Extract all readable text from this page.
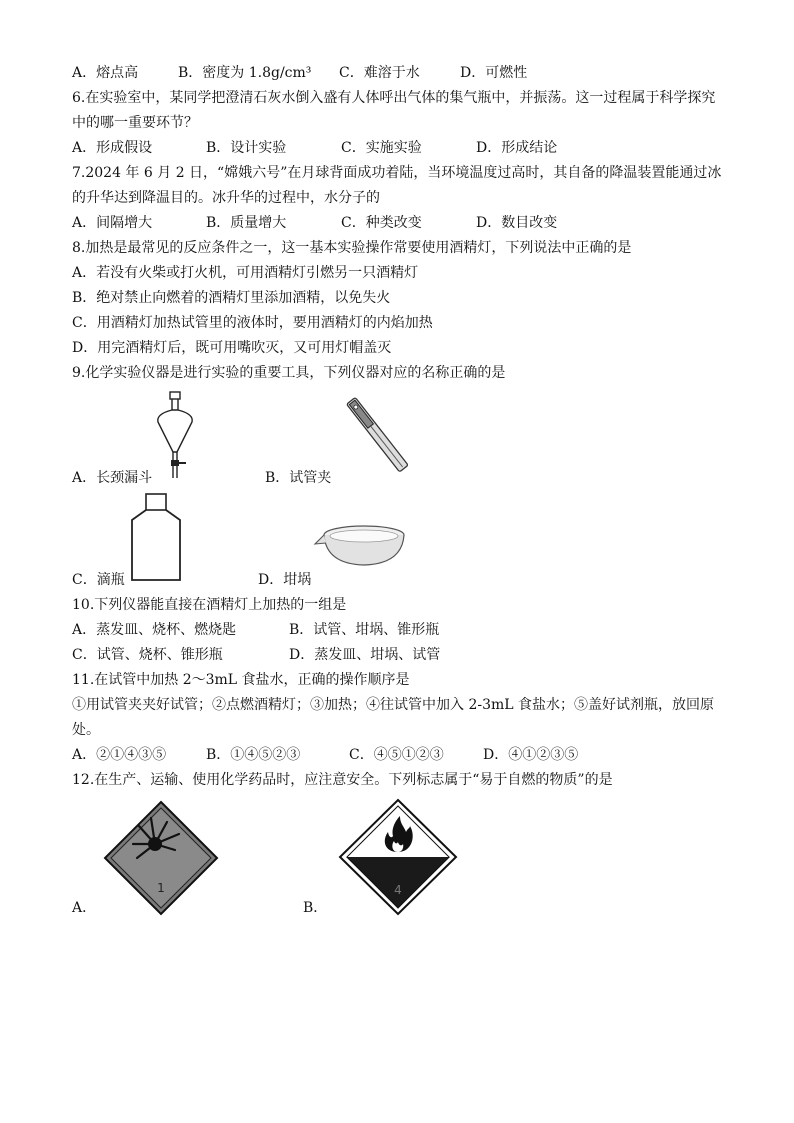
A．熔点高	B．密度为 1.8g/cm³ C．难溶于水	D．可燃性
6.在实验室中，某同学把澄清石灰水倒入盛有人体呼出气体的集气瓶中，并振荡。这一过程属于科学探究
中的哪一重要环节？
A．形成假设	B．设计实验	C．实施实验	D．形成结论
7.2024 年 6 月 2 日，“嫦娥六号”在月球背面成功着陆，当环境温度过高时，其自备的降温装置能通过冰
的升华达到降温目的。冰升华的过程中，水分子的
A．间隔增大	B．质量增大	C．种类改变	D．数目改变
8.加热是最常见的反应条件之一，这一基本实验操作常要使用酒精灯，下列说法中正确的是
A．若没有火柴或打火机，可用酒精灯引燃另一只酒精灯
B．绝对禁止向燃着的酒精灯里添加酒精，以免失火
C．用酒精灯加热试管里的液体时，要用酒精灯的内焰加热
D．用完酒精灯后，既可用嘴吹灭，又可用灯帽盖灭
9.化学实验仪器是进行实验的重要工具，下列仪器对应的名称正确的是
A．长颈漏斗	B．试管夹
C．滴瓶	D．坩埚
10.下列仪器能直接在酒精灯上加热的一组是
A．蒸发皿、烧杯、燃烧匙	B．试管、坩埚、锥形瓶
C．试管、烧杯、锥形瓶	D．蒸发皿、坩埚、试管
11.在试管中加热 2～3mL 食盐水，正确的操作顺序是
①用试管夹夹好试管；②点燃酒精灯；③加热；④往试管中加入 2-3mL 食盐水；⑤盖好试剂瓶，放回原
处。
A．②①④③⑤	B．①④⑤②③	C．④⑤①②③	D．④①②③⑤
12.在生产、运输、使用化学药品时，应注意安全。下列标志属于“易于自燃的物质”的是
1	4
A．	B．
